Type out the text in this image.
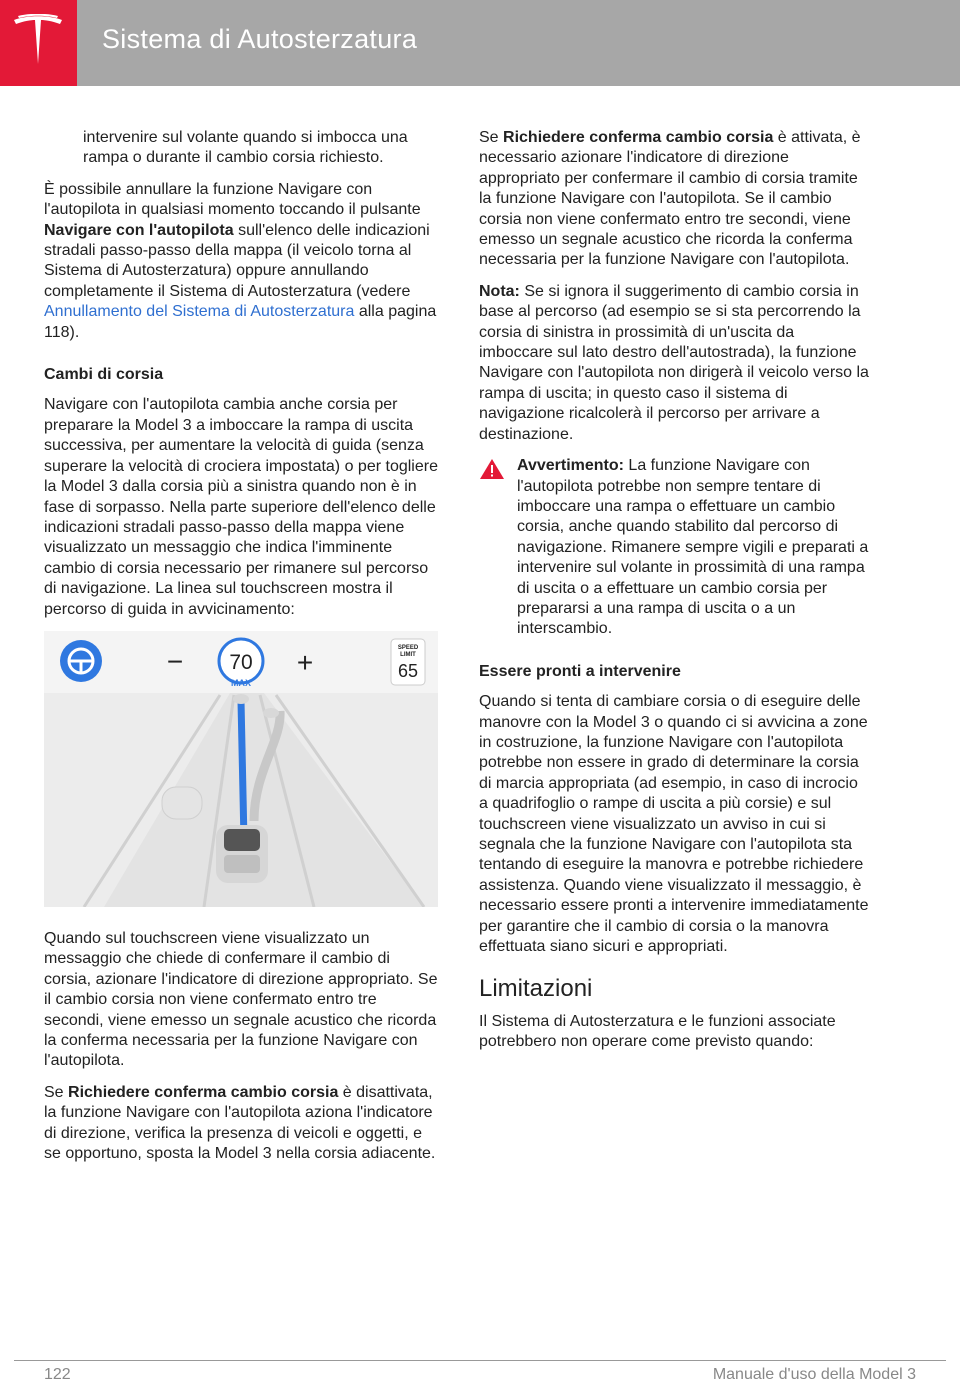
Sistema di Autosterzatura

intervenire sul volante quando si imbocca una rampa o durante il cambio corsia richiesto.

È possibile annullare la funzione Navigare con l'autopilota in qualsiasi momento toccando il pulsante Navigare con l'autopilota sull'elenco delle indicazioni stradali passo-passo della mappa (il veicolo torna al Sistema di Autosterzatura) oppure annullando completamente il Sistema di Autosterzatura (vedere Annullamento del Sistema di Autosterzatura alla pagina 118).

Cambi di corsia

Navigare con l'autopilota cambia anche corsia per preparare la Model 3 a imboccare la rampa di uscita successiva, per aumentare la velocità di guida (senza superare la velocità di crociera impostata) o per togliere la Model 3 dalla corsia più a sinistra quando non è in fase di sorpasso. Nella parte superiore dell'elenco delle indicazioni stradali passo-passo della mappa viene visualizzato un messaggio che indica l'imminente cambio di corsia necessario per rimanere sul percorso di navigazione. La linea sul touchscreen mostra il percorso di guida in avvicinamento:

− 70
MAX
+	SPEED
LIMIT
65

Quando sul touchscreen viene visualizzato un messaggio che chiede di confermare il cambio di corsia, azionare l'indicatore di direzione appropriato. Se il cambio corsia non viene confermato entro tre secondi, viene emesso un segnale acustico che ricorda la conferma necessaria per la funzione Navigare con l'autopilota.

Se Richiedere conferma cambio corsia è disattivata, la funzione Navigare con l'autopilota aziona l'indicatore di direzione, verifica la presenza di veicoli e oggetti, e se opportuno, sposta la Model 3 nella corsia adiacente.

Se Richiedere conferma cambio corsia è attivata, è necessario azionare l'indicatore di direzione appropriato per confermare il cambio di corsia tramite la funzione Navigare con l'autopilota. Se il cambio corsia non viene confermato entro tre secondi, viene emesso un segnale acustico che ricorda la conferma necessaria per la funzione Navigare con l'autopilota.

Nota: Se si ignora il suggerimento di cambio corsia in base al percorso (ad esempio se si sta percorrendo la corsia di sinistra in prossimità di un'uscita da imboccare sul lato destro dell'autostrada), la funzione Navigare con l'autopilota non dirigerà il veicolo verso la rampa di uscita; in questo caso il sistema di navigazione ricalcolerà il percorso per arrivare a destinazione.

Avvertimento: La funzione Navigare con l'autopilota potrebbe non sempre tentare di imboccare una rampa o effettuare un cambio corsia, anche quando stabilito dal percorso di navigazione. Rimanere sempre vigili e preparati a intervenire sul volante in prossimità di una rampa di uscita o a effettuare un cambio corsia per prepararsi a una rampa di uscita o a un interscambio.
Essere pronti a intervenire

Quando si tenta di cambiare corsia o di eseguire delle manovre con la Model 3 o quando ci si avvicina a zone in costruzione, la funzione Navigare con l'autopilota potrebbe non essere in grado di determinare la corsia di marcia appropriata (ad esempio, in caso di incrocio a quadrifoglio o rampe di uscita a più corsie) e sul touchscreen viene visualizzato un avviso in cui si segnala che la funzione Navigare con l'autopilota sta tentando di eseguire la manovra e potrebbe richiedere assistenza. Quando viene visualizzato il messaggio, è necessario essere pronti a intervenire immediatamente per garantire che il cambio di corsia o la manovra effettuata siano sicuri e appropriati.

Limitazioni

Il Sistema di Autosterzatura e le funzioni associate potrebbero non operare come previsto quando:

122	Manuale d'uso della Model 3
